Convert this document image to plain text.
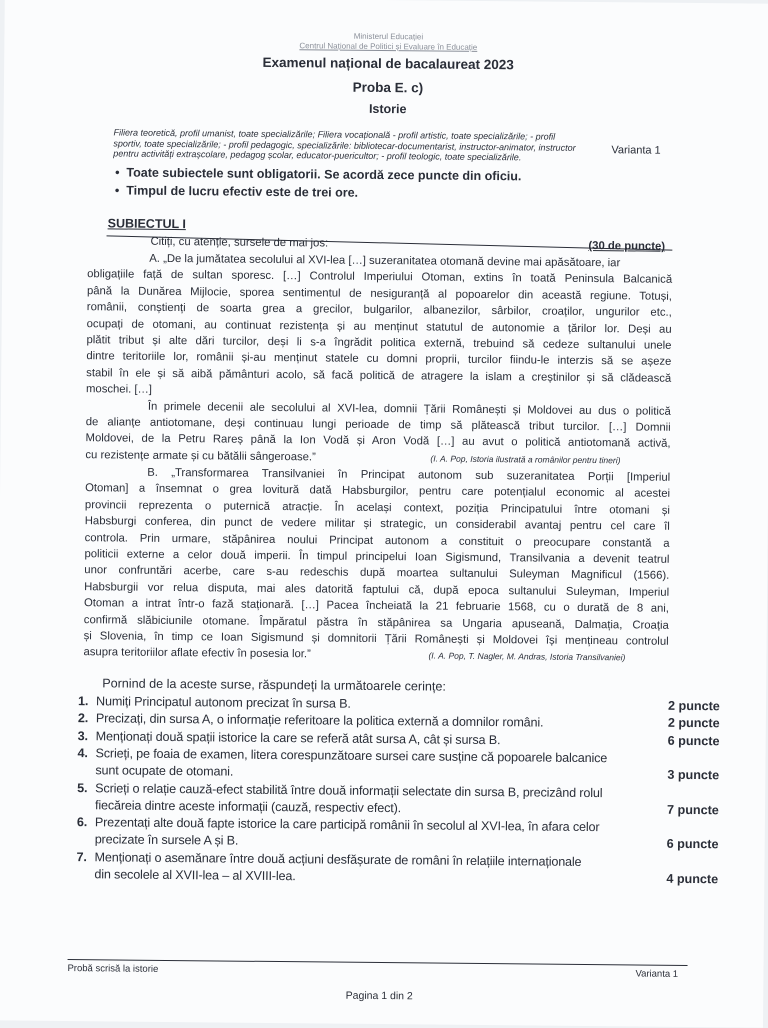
Ministerul Educației
Centrul Național de Politici și Evaluare în Educație
Examenul național de bacalaureat 2023
Proba E. c)
Istorie
Filiera teoretică, profil umanist, toate specializările; Filiera vocațională - profil artistic, toate specializările; - profil sportiv, toate specializările; - profil pedagogic, specializările: bibliotecar-documentarist, instructor-animator, instructor pentru activități extrașcolare, pedagog școlar, educator-puericultor; - profil teologic, toate specializările.	Varianta 1
•  Toate subiectele sunt obligatorii. Se acordă zece puncte din oficiu.
•  Timpul de lucru efectiv este de trei ore.
SUBIECTUL I
Citiți, cu atenție, sursele de mai jos:	(30 de puncte)
A. „De la jumătatea secolului al XVI-lea […] suzeranitatea otomană devine mai apăsătoare, iar
obligațiile față de sultan sporesc. […] Controlul Imperiului Otoman, extins în toată Peninsula Balcanică
până la Dunărea Mijlocie, sporea sentimentul de nesiguranță al popoarelor din această regiune. Totuși,
românii, conștienți de soarta grea a grecilor, bulgarilor, albanezilor, sârbilor, croaților, ungurilor etc.,
ocupați de otomani, au continuat rezistența și au menținut statutul de autonomie a țărilor lor. Deși au
plătit tribut și alte dări turcilor, deși li s-a îngrădit politica externă, trebuind să cedeze sultanului unele
dintre teritoriile lor, românii și-au menținut statele cu domni proprii, turcilor fiindu-le interzis să se așeze
stabil în ele și să aibă pământuri acolo, să facă politică de atragere la islam a creștinilor și să clădească
moschei. […]
În primele decenii ale secolului al XVI-lea, domnii Țării Românești și Moldovei au dus o politică
de alianțe antiotomane, deși continuau lungi perioade de timp să plătească tribut turcilor. […] Domnii
Moldovei, de la Petru Rareș până la Ion Vodă și Aron Vodă […] au avut o politică antiotomană activă,
cu rezistențe armate și cu bătălii sângeroase.”	(I. A. Pop, Istoria ilustrată a românilor pentru tineri)
B. „Transformarea Transilvaniei în Principat autonom sub suzeranitatea Porții [Imperiul
Otoman] a însemnat o grea lovitură dată Habsburgilor, pentru care potențialul economic al acestei
provincii reprezenta o puternică atracție. În același context, poziția Principatului între otomani și
Habsburgi conferea, din punct de vedere militar și strategic, un considerabil avantaj pentru cel care îl
controla. Prin urmare, stăpânirea noului Principat autonom a constituit o preocupare constantă a
politicii externe a celor două imperii. În timpul principelui Ioan Sigismund, Transilvania a devenit teatrul
unor confruntări acerbe, care s-au redeschis după moartea sultanului Suleyman Magnificul (1566).
Habsburgii vor relua disputa, mai ales datorită faptului că, după epoca sultanului Suleyman, Imperiul
Otoman a intrat într-o fază staționară. […] Pacea încheiată la 21 februarie 1568, cu o durată de 8 ani,
confirmă slăbiciunile otomane. Împăratul păstra în stăpânirea sa Ungaria apuseană, Dalmația, Croația
și Slovenia, în timp ce Ioan Sigismund și domnitorii Țării Românești și Moldovei își mențineau controlul
asupra teritoriilor aflate efectiv în posesia lor.”	(I. A. Pop, T. Nagler, M. Andras, Istoria Transilvaniei)
Pornind de la aceste surse, răspundeți la următoarele cerințe:
1. Numiți Principatul autonom precizat în sursa B.	2 puncte
2. Precizați, din sursa A, o informație referitoare la politica externă a domnilor români.	2 puncte
3. Menționați două spații istorice la care se referă atât sursa A, cât și sursa B.	6 puncte
4. Scrieți, pe foaia de examen, litera corespunzătoare sursei care susține că popoarele balcanice
sunt ocupate de otomani.	3 puncte
5. Scrieți o relație cauză-efect stabilită între două informații selectate din sursa B, precizând rolul
fiecăreia dintre aceste informații (cauză, respectiv efect).	7 puncte
6. Prezentați alte două fapte istorice la care participă românii în secolul al XVI-lea, în afara celor
precizate în sursele A și B.	6 puncte
7. Menționați o asemănare între două acțiuni desfășurate de români în relațiile internaționale
din secolele al XVII-lea – al XVIII-lea.	4 puncte
Probă scrisă la istorie	Varianta 1
Pagina 1 din 2
